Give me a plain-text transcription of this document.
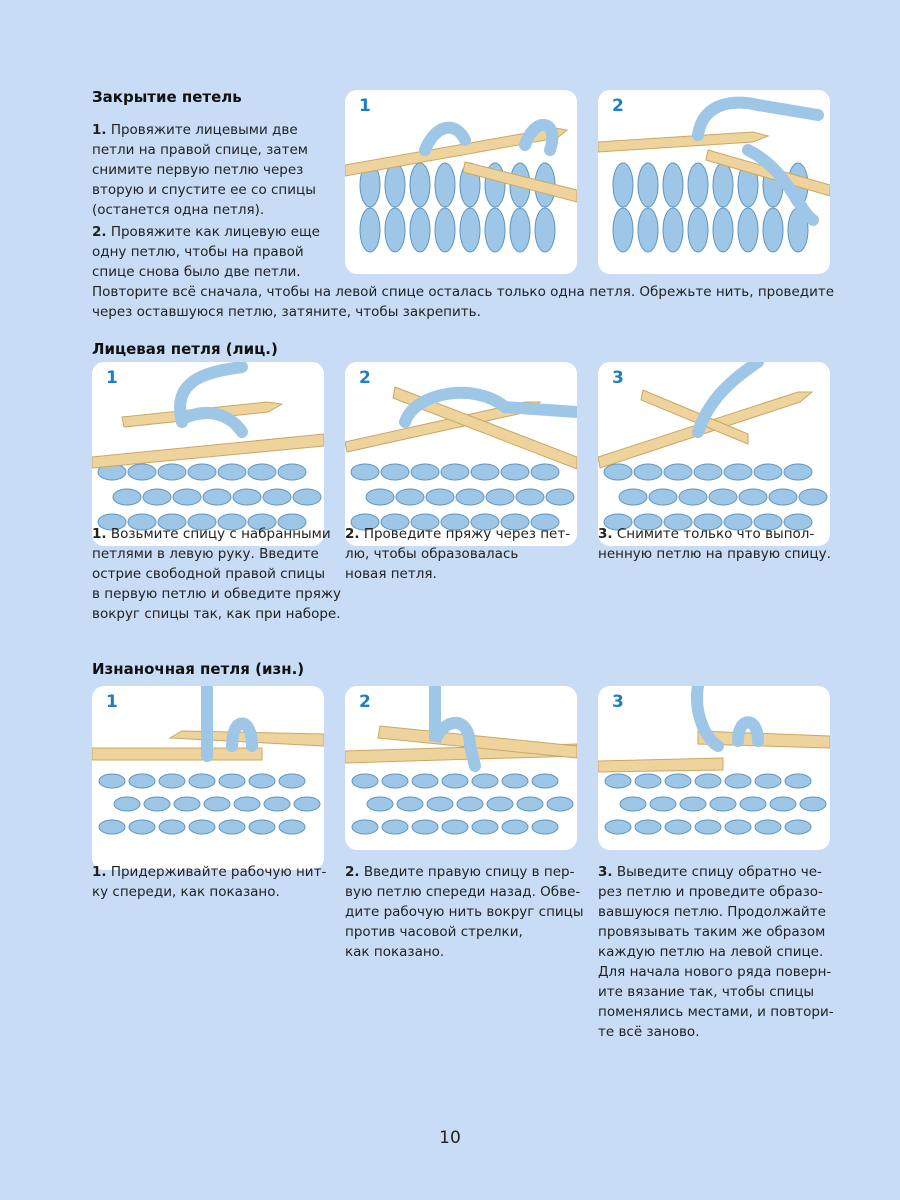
Закрытие петель
1. Провяжите лицевыми две
петли на правой спице, затем
снимите первую петлю через
вторую и спустите ее со спицы
(останется одна петля).
2. Провяжите как лицевую еще
одну петлю, чтобы на правой
спице снова было две петли.
Повторите всё сначала, чтобы на левой спице осталась только одна петля. Обрежьте нить, проведите
через оставшуюся петлю, затяните, чтобы закрепить.
1	2
Лицевая петля (лиц.)
1	2	3
1. Возьмите спицу с набранными
петлями в левую руку. Введите
острие свободной правой спицы
в первую петлю и обведите пряжу
вокруг спицы так, как при наборе.
2. Проведите пряжу через пет-
лю, чтобы образовалась
новая петля.
3. Снимите только что выпол-
ненную петлю на правую спицу.
Изнаночная петля (изн.)
1	2	3
1. Придерживайте рабочую нит-
ку спереди, как показано.
2. Введите правую спицу в пер-
вую петлю спереди назад. Обве-
дите рабочую нить вокруг спицы
против часовой стрелки,
как показано.
3. Выведите спицу обратно че-
рез петлю и проведите образо-
вавшуюся петлю. Продолжайте
провязывать таким же образом
каждую петлю на левой спице.
Для начала нового ряда поверн-
ите вязание так, чтобы спицы
поменялись местами, и повтори-
те всё заново.
10
